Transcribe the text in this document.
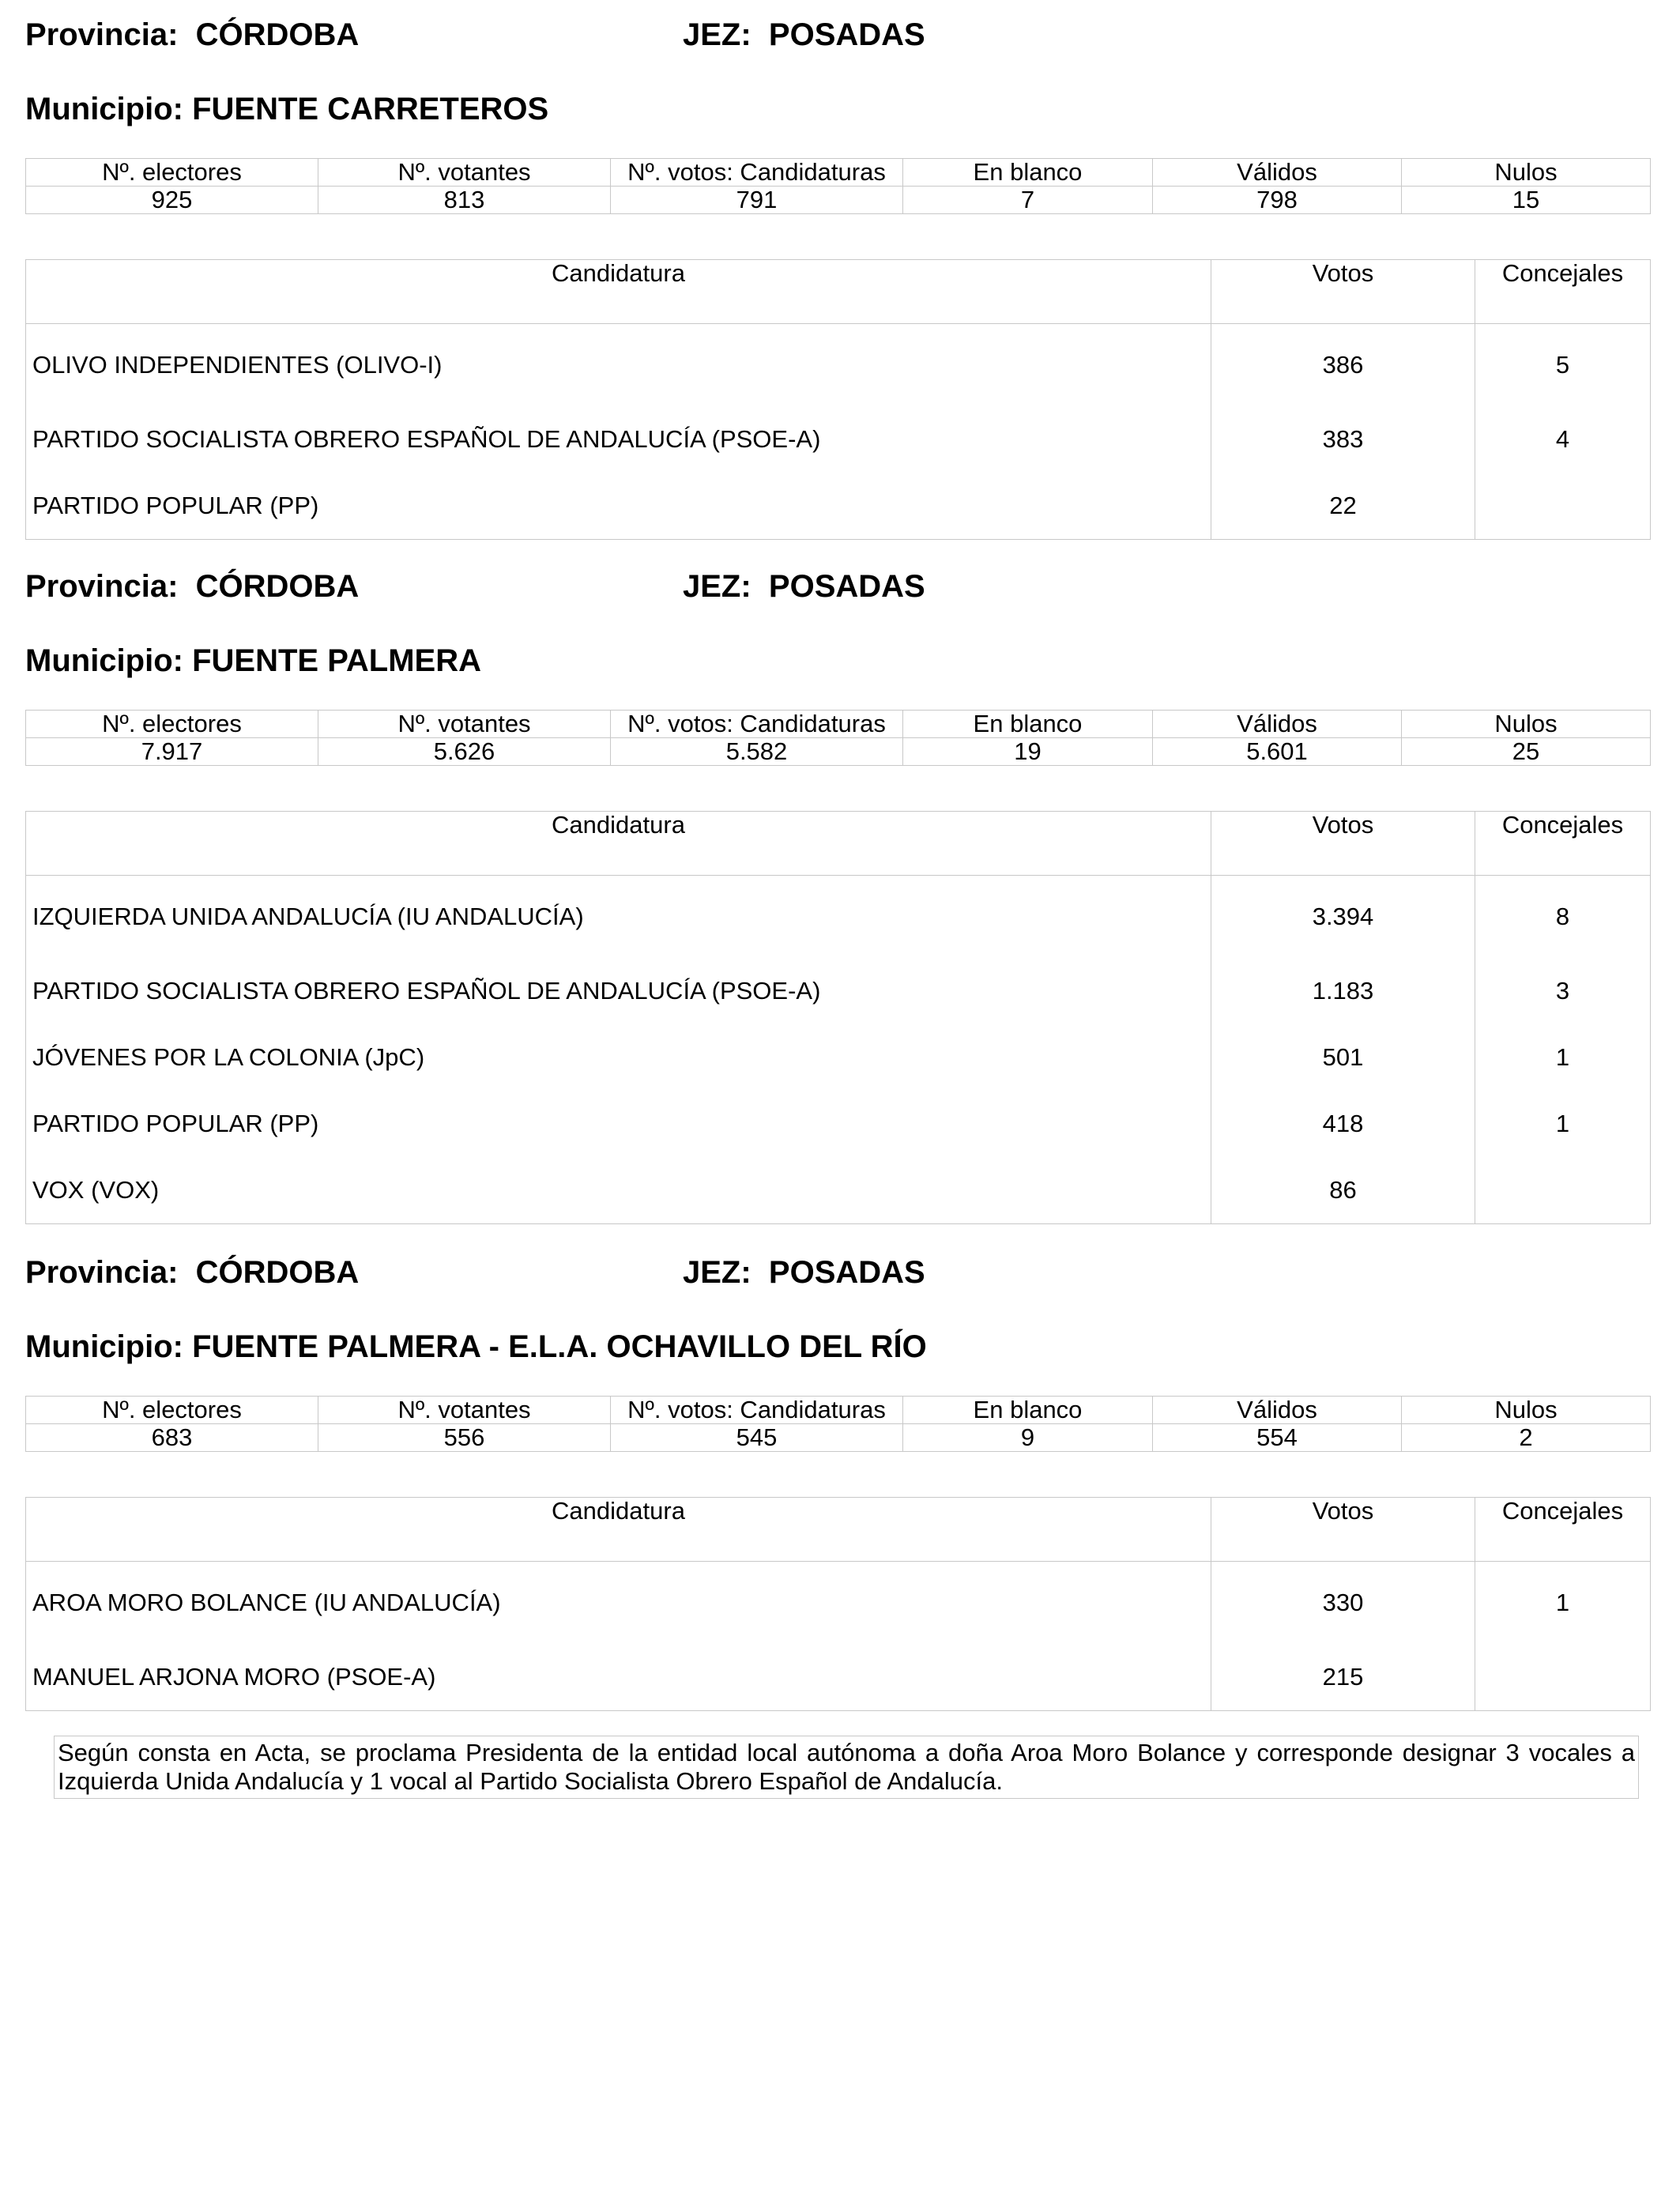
Provincia: CÓRDOBA	JEZ: POSADAS
Municipio: FUENTE CARRETEROS
Nº. electores	Nº. votantes	Nº. votos: Candidaturas	En blanco	Válidos	Nulos
925	813	791	7	798	15
Candidatura	Votos	Concejales
OLIVO INDEPENDIENTES (OLIVO-I)	386	5
PARTIDO SOCIALISTA OBRERO ESPAÑOL DE ANDALUCÍA (PSOE-A)	383	4
PARTIDO POPULAR (PP)	22	
Provincia: CÓRDOBA	JEZ: POSADAS
Municipio: FUENTE PALMERA
Nº. electores	Nº. votantes	Nº. votos: Candidaturas	En blanco	Válidos	Nulos
7.917	5.626	5.582	19	5.601	25
Candidatura	Votos	Concejales
IZQUIERDA UNIDA ANDALUCÍA (IU ANDALUCÍA)	3.394	8
PARTIDO SOCIALISTA OBRERO ESPAÑOL DE ANDALUCÍA (PSOE-A)	1.183	3
JÓVENES POR LA COLONIA (JpC)	501	1
PARTIDO POPULAR (PP)	418	1
VOX (VOX)	86	
Provincia: CÓRDOBA	JEZ: POSADAS
Municipio: FUENTE PALMERA - E.L.A. OCHAVILLO DEL RÍO
Nº. electores	Nº. votantes	Nº. votos: Candidaturas	En blanco	Válidos	Nulos
683	556	545	9	554	2
Candidatura	Votos	Concejales
AROA MORO BOLANCE (IU ANDALUCÍA)	330	1
MANUEL ARJONA MORO (PSOE-A)	215	
Según consta en Acta, se proclama Presidenta de la entidad local autónoma a doña Aroa Moro Bolance y corresponde designar 3 vocales a Izquierda Unida Andalucía y 1 vocal al Partido Socialista Obrero Español de Andalucía.
